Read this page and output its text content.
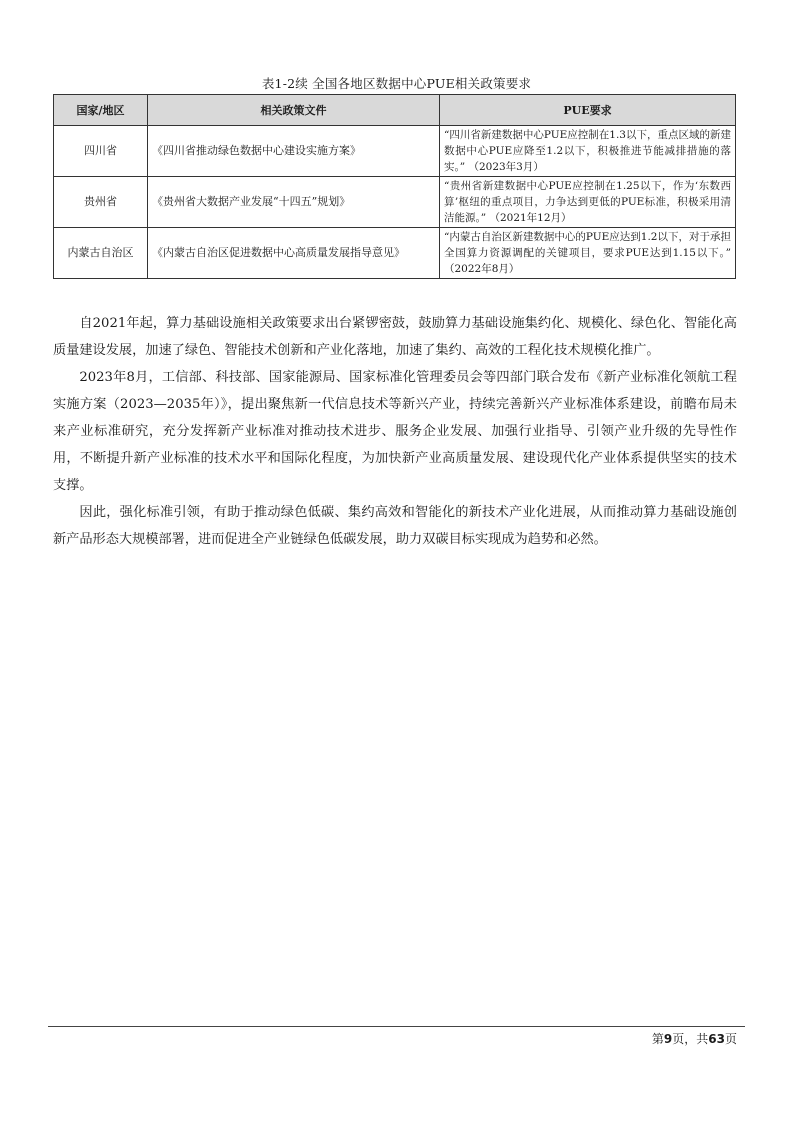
表1-2续 全国各地区数据中心PUE相关政策要求
国家/地区	相关政策文件	PUE要求
四川省	《四川省推动绿色数据中心建设实施方案》	“四川省新建数据中心PUE应控制在1.3以下，重点区域的新建数据中心PUE应降至1.2以下，积极推进节能减排措施的落实。” （2023年3月）
贵州省	《贵州省大数据产业发展“十四五”规划》	“贵州省新建数据中心PUE应控制在1.25以下，作为‘东数西算’枢纽的重点项目，力争达到更低的PUE标准，积极采用清洁能源。” （2021年12月）
内蒙古自治区	《内蒙古自治区促进数据中心高质量发展指导意见》	“内蒙古自治区新建数据中心的PUE应达到1.2以下，对于承担全国算力资源调配的关键项目，要求PUE达到1.15以下。” （2022年8月）

自2021年起，算力基础设施相关政策要求出台紧锣密鼓，鼓励算力基础设施集约化、规模化、绿色化、智能化高质量建设发展，加速了绿色、智能技术创新和产业化落地，加速了集约、高效的工程化技术规模化推广。

2023年8月，工信部、科技部、国家能源局、国家标准化管理委员会等四部门联合发布《新产业标准化领航工程实施方案（2023—2035年）》，提出聚焦新一代信息技术等新兴产业，持续完善新兴产业标准体系建设，前瞻布局未来产业标准研究，充分发挥新产业标准对推动技术进步、服务企业发展、加强行业指导、引领产业升级的先导性作用，不断提升新产业标准的技术水平和国际化程度，为加快新产业高质量发展、建设现代化产业体系提供坚实的技术支撑。

因此，强化标准引领，有助于推动绿色低碳、集约高效和智能化的新技术产业化进展，从而推动算力基础设施创新产品形态大规模部署，进而促进全产业链绿色低碳发展，助力双碳目标实现成为趋势和必然。

第9页，共63页
